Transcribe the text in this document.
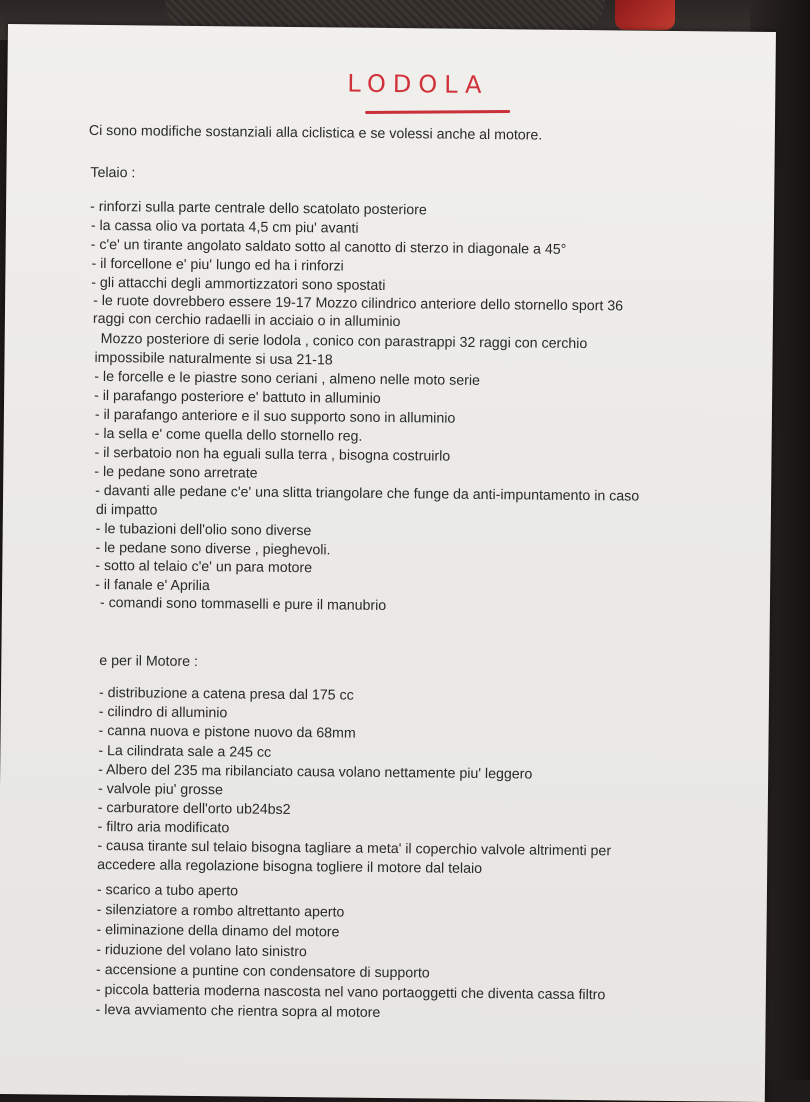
LODOLA
Ci sono modifiche sostanziali alla ciclistica e se volessi anche al motore.
Telaio :
- rinforzi sulla parte centrale dello scatolato posteriore
- la cassa olio va portata 4,5 cm piu' avanti
- c'e' un tirante angolato saldato sotto al canotto di sterzo in diagonale a 45°
- il forcellone e' piu' lungo ed ha i rinforzi
- gli attacchi degli ammortizzatori sono spostati
- le ruote dovrebbero essere 19-17 Mozzo cilindrico anteriore dello stornello sport 36
raggi con cerchio radaelli in acciaio o in alluminio
Mozzo posteriore di serie lodola , conico con parastrappi 32 raggi con cerchio
impossibile naturalmente si usa 21-18
- le forcelle e le piastre sono ceriani , almeno nelle moto serie
- il parafango posteriore e' battuto in alluminio
- il parafango anteriore e il suo supporto sono in alluminio
- la sella e' come quella dello stornello reg.
- il serbatoio non ha eguali sulla terra , bisogna costruirlo
- le pedane sono arretrate
- davanti alle pedane c'e' una slitta triangolare che funge da anti-impuntamento in caso
di impatto
- le tubazioni dell'olio sono diverse
- le pedane sono diverse , pieghevoli.
- sotto al telaio c'e' un para motore
- il fanale e' Aprilia
- comandi sono tommaselli e pure il manubrio
e per il Motore :
- distribuzione a catena presa dal 175 cc
- cilindro di alluminio
- canna nuova e pistone nuovo da 68mm
- La cilindrata sale a 245 cc
- Albero del 235 ma ribilanciato causa volano nettamente piu' leggero
- valvole piu' grosse
- carburatore dell'orto ub24bs2
- filtro aria modificato
- causa tirante sul telaio bisogna tagliare a meta' il coperchio valvole altrimenti per
accedere alla regolazione bisogna togliere il motore dal telaio
- scarico a tubo aperto
- silenziatore a rombo altrettanto aperto
- eliminazione della dinamo del motore
- riduzione del volano lato sinistro
- accensione a puntine con condensatore di supporto
- piccola batteria moderna nascosta nel vano portaoggetti che diventa cassa filtro
- leva avviamento che rientra sopra al motore
